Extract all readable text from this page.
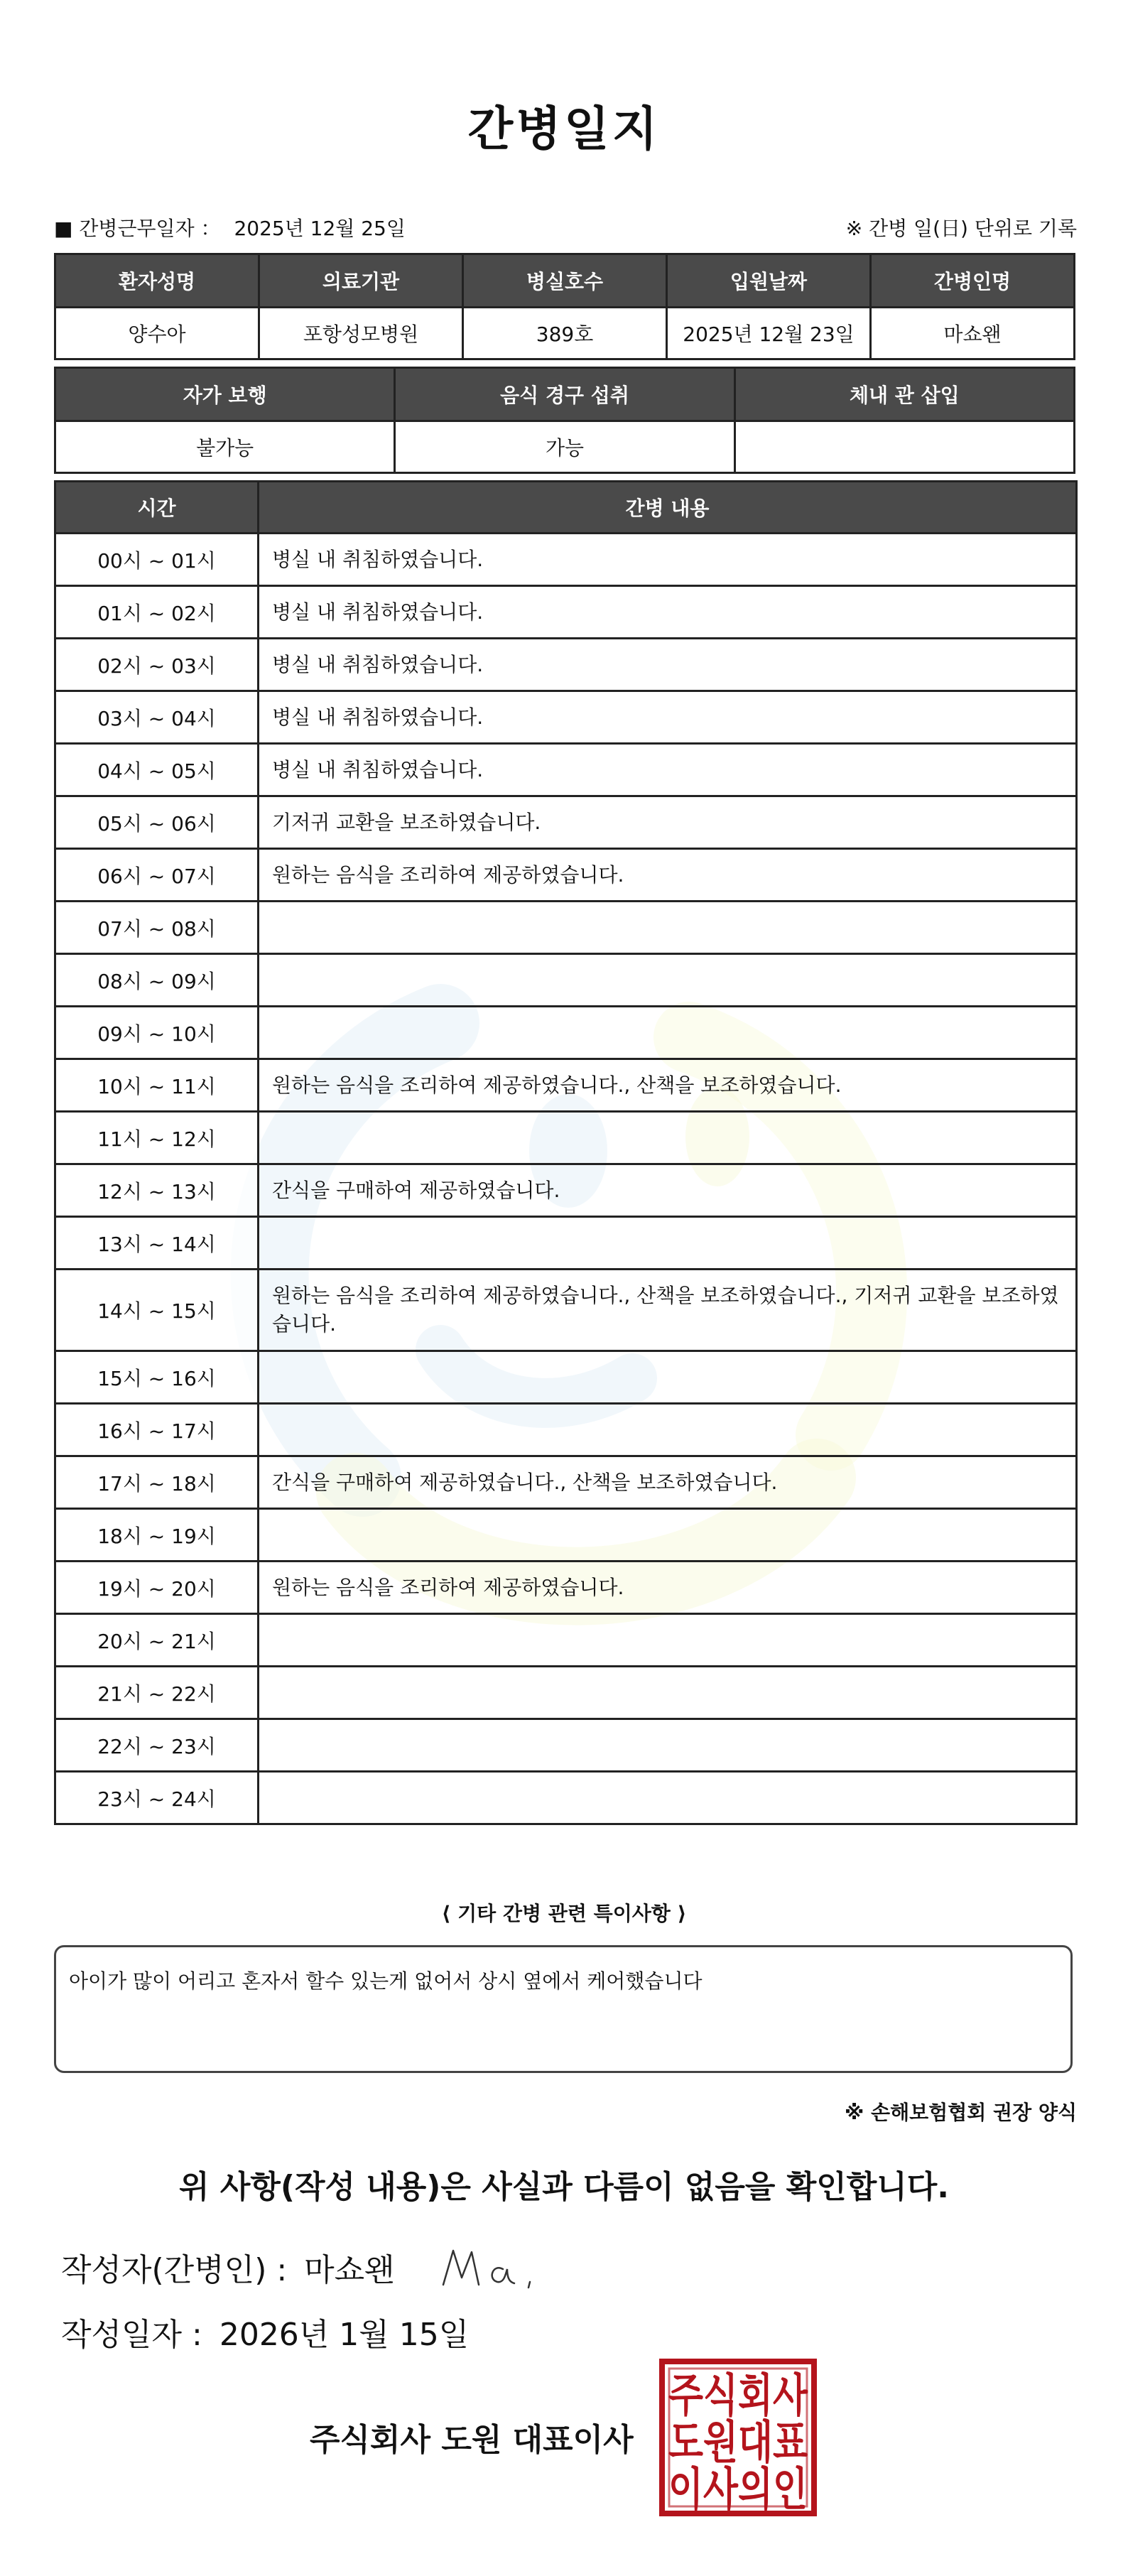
간병일지
■ 간병근무일자 ： 2025년 12월 25일	※ 간병 일(日) 단위로 기록
환자성명	의료기관	병실호수	입원날짜	간병인명
양수아	포항성모병원	389호	2025년 12월 23일	마쇼왠
자가 보행	음식 경구 섭취	체내 관 삽입
불가능	가능	
시간	간병 내용
00시 ~ 01시	병실 내 취침하였습니다.
01시 ~ 02시	병실 내 취침하였습니다.
02시 ~ 03시	병실 내 취침하였습니다.
03시 ~ 04시	병실 내 취침하였습니다.
04시 ~ 05시	병실 내 취침하였습니다.
05시 ~ 06시	기저귀 교환을 보조하였습니다.
06시 ~ 07시	원하는 음식을 조리하여 제공하였습니다.
07시 ~ 08시	
08시 ~ 09시	
09시 ~ 10시	
10시 ~ 11시	원하는 음식을 조리하여 제공하였습니다., 산책을 보조하였습니다.
11시 ~ 12시	
12시 ~ 13시	간식을 구매하여 제공하였습니다.
13시 ~ 14시	
14시 ~ 15시	원하는 음식을 조리하여 제공하였습니다., 산책을 보조하였습니다., 기저귀 교환을 보조하였습니다.
15시 ~ 16시	
16시 ~ 17시	
17시 ~ 18시	간식을 구매하여 제공하였습니다., 산책을 보조하였습니다.
18시 ~ 19시	
19시 ~ 20시	원하는 음식을 조리하여 제공하였습니다.
20시 ~ 21시	
21시 ~ 22시	
22시 ~ 23시	
23시 ~ 24시	
⟨ 기타 간병 관련 특이사항 ⟩
아이가 많이 어리고 혼자서 할수 있는게 없어서 상시 옆에서 케어했습니다
※ 손해보험협회 권장 양식
위 사항(작성 내용)은 사실과 다름이 없음을 확인합니다.
작성자(간병인) : 마쇼왠
작성일자 : 2026년 1월 15일
주식회사 도원 대표이사
주식회사
도원대표
이사의인
